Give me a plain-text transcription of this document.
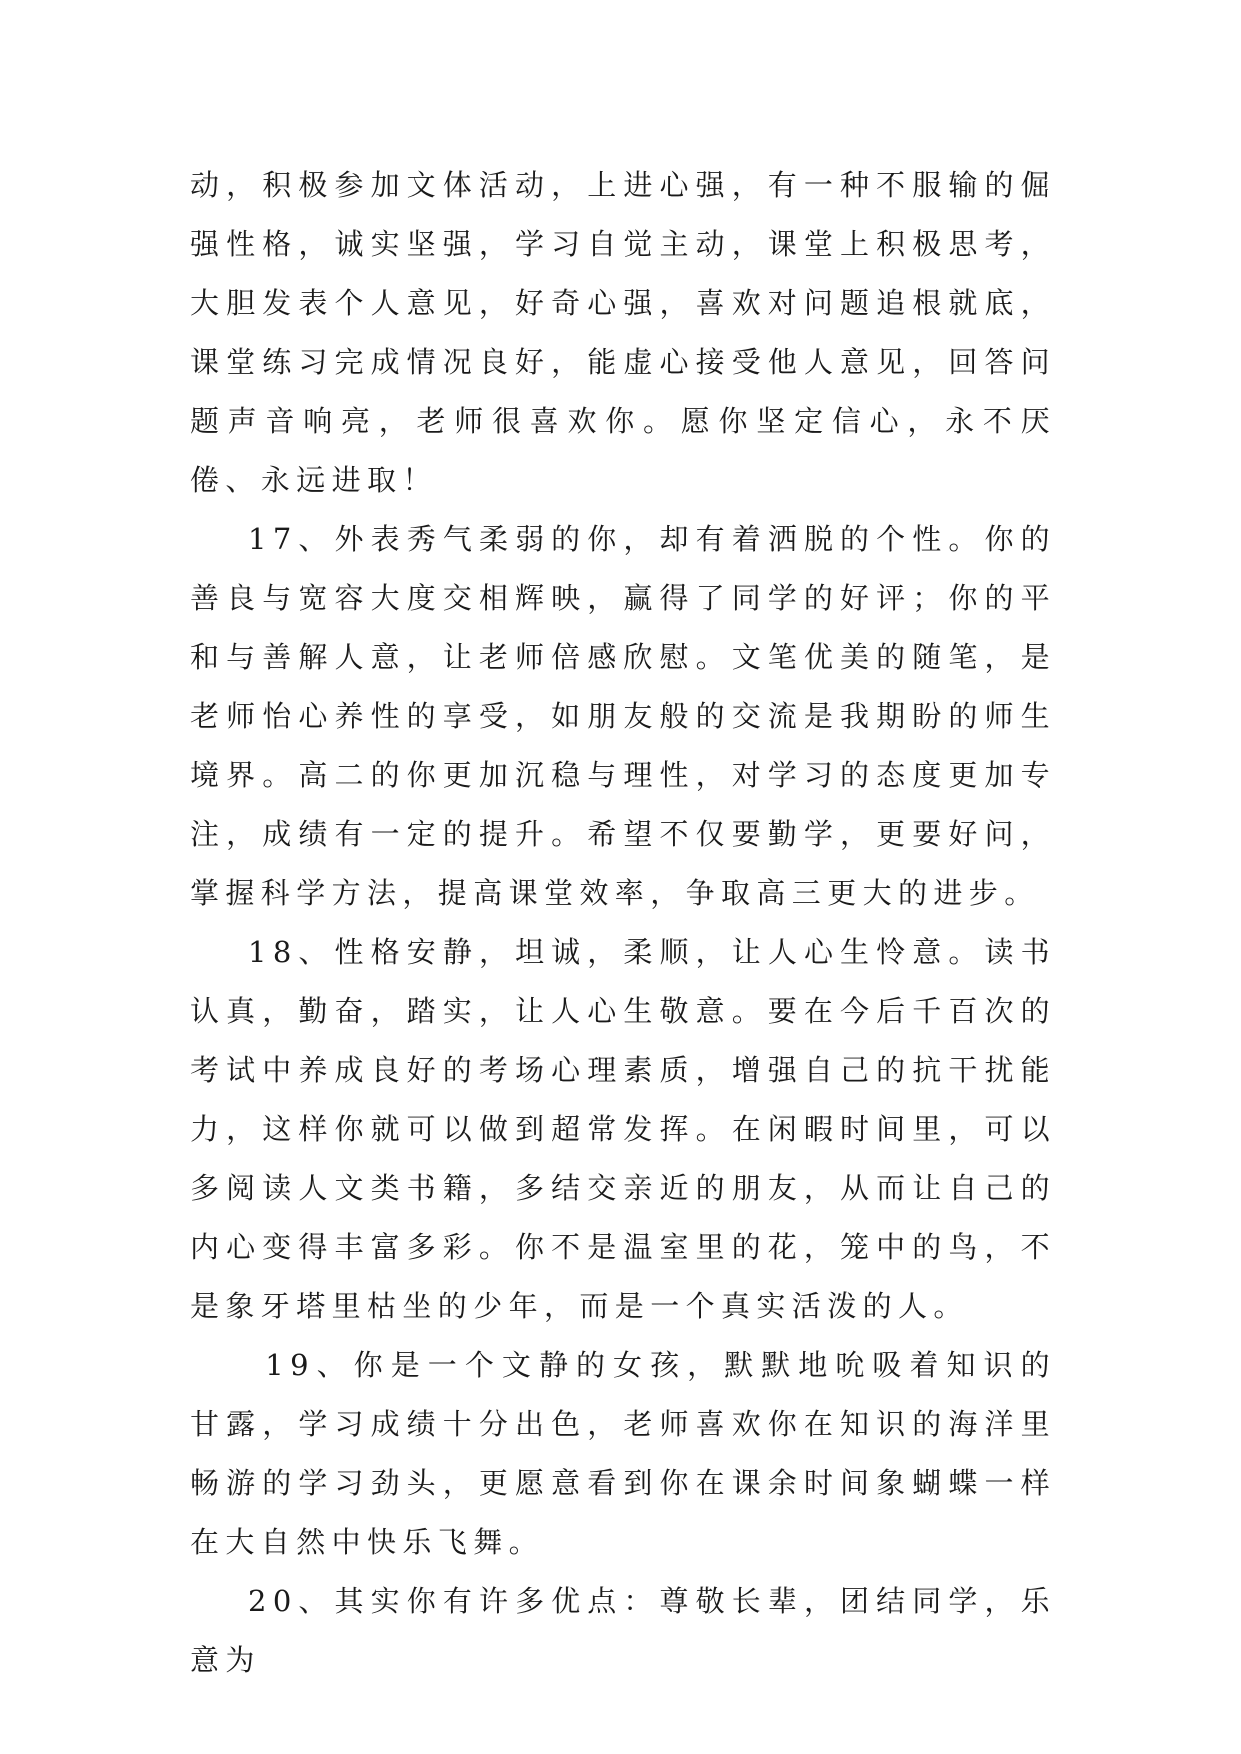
动，积极参加文体活动，上进心强，有一种不服输的倔强性格，诚实坚强，学习自觉主动，课堂上积极思考，大胆发表个人意见，好奇心强，喜欢对问题追根就底，课堂练习完成情况良好，能虚心接受他人意见，回答问题声音响亮，老师很喜欢你。愿你坚定信心，永不厌倦、永远进取！

17、外表秀气柔弱的你，却有着洒脱的个性。你的善良与宽容大度交相辉映，赢得了同学的好评；你的平和与善解人意，让老师倍感欣慰。文笔优美的随笔，是老师怡心养性的享受，如朋友般的交流是我期盼的师生境界。高二的你更加沉稳与理性，对学习的态度更加专注，成绩有一定的提升。希望不仅要勤学，更要好问，掌握科学方法，提高课堂效率，争取高三更大的进步。

18、性格安静，坦诚，柔顺，让人心生怜意。读书认真，勤奋，踏实，让人心生敬意。要在今后千百次的考试中养成良好的考场心理素质，增强自己的抗干扰能力，这样你就可以做到超常发挥。在闲暇时间里，可以多阅读人文类书籍，多结交亲近的朋友，从而让自己的内心变得丰富多彩。你不是温室里的花，笼中的鸟，不是象牙塔里枯坐的少年，而是一个真实活泼的人。

19、你是一个文静的女孩，默默地吮吸着知识的甘露，学习成绩十分出色，老师喜欢你在知识的海洋里畅游的学习劲头，更愿意看到你在课余时间象蝴蝶一样在大自然中快乐飞舞。

20、其实你有许多优点：尊敬长辈，团结同学，乐意为
